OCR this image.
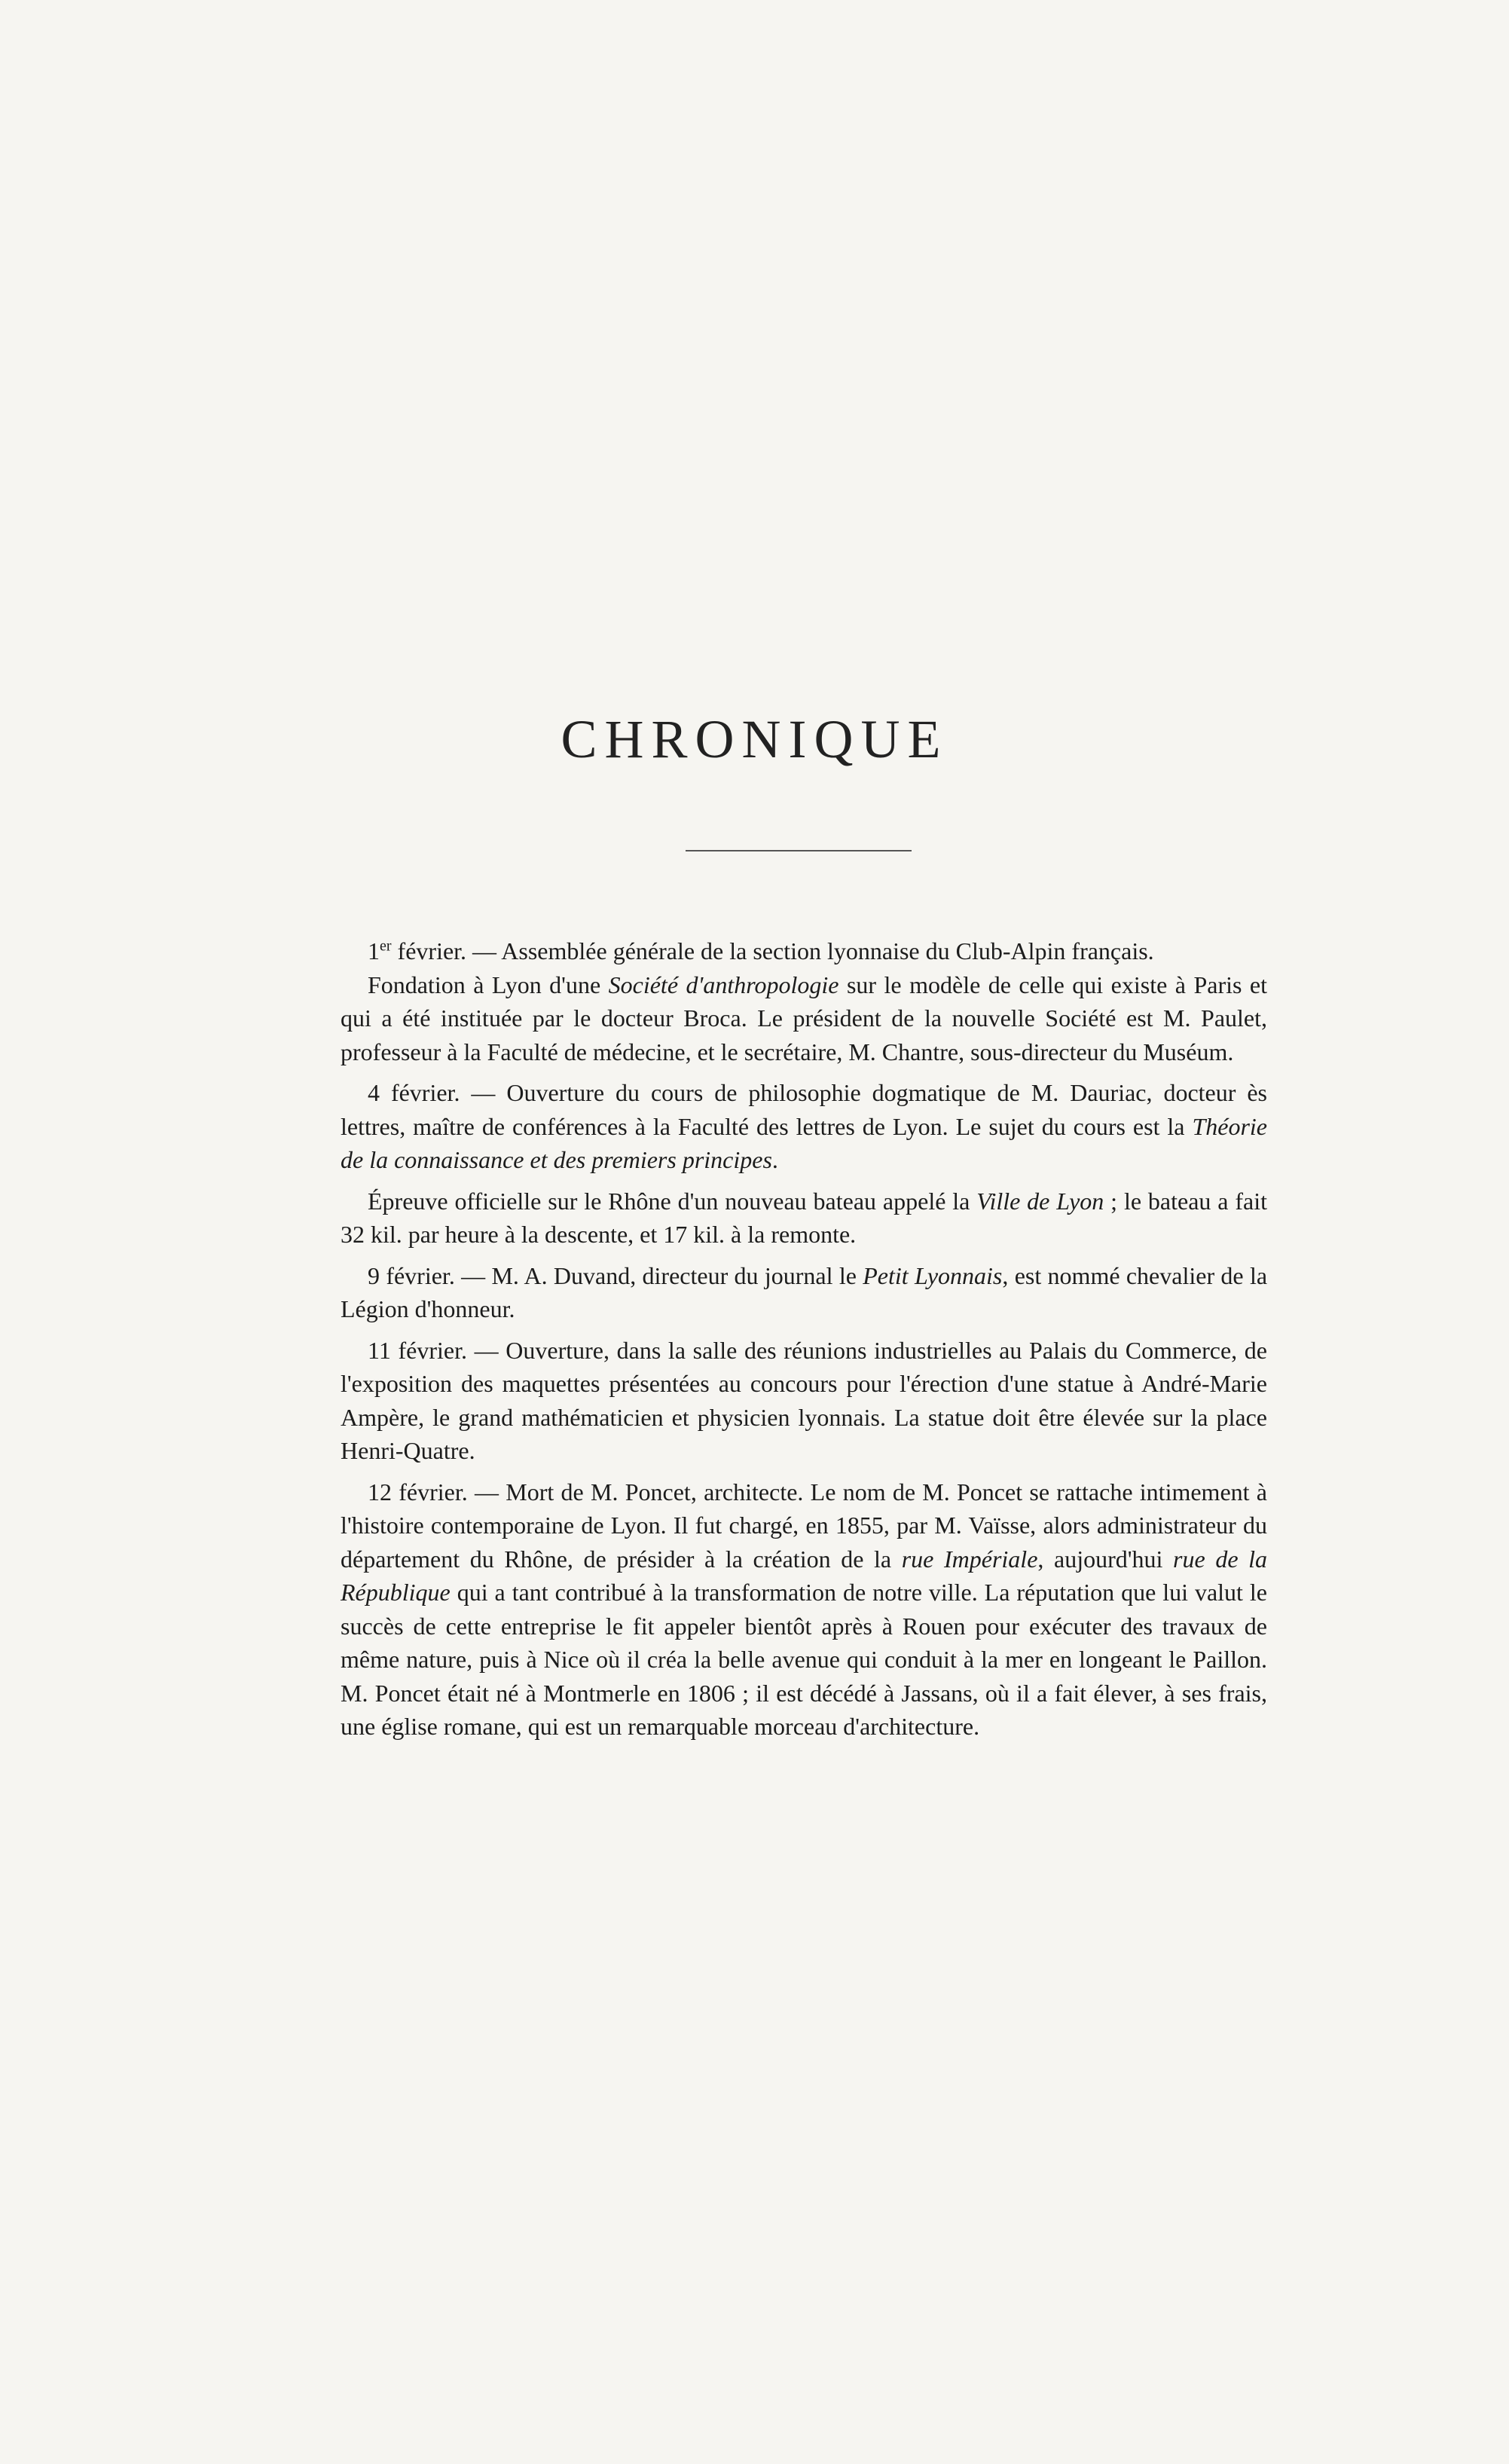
CHRONIQUE

1er février. — Assemblée générale de la section lyonnaise du Club-Alpin français.

Fondation à Lyon d'une Société d'anthropologie sur le modèle de celle qui existe à Paris et qui a été instituée par le docteur Broca. Le président de la nouvelle Société est M. Paulet, professeur à la Faculté de médecine, et le secrétaire, M. Chantre, sous-directeur du Muséum.

4 février. — Ouverture du cours de philosophie dogmatique de M. Dauriac, docteur ès lettres, maître de conférences à la Faculté des lettres de Lyon. Le sujet du cours est la Théorie de la connaissance et des premiers principes.

Épreuve officielle sur le Rhône d'un nouveau bateau appelé la Ville de Lyon ; le bateau a fait 32 kil. par heure à la descente, et 17 kil. à la remonte.

9 février. — M. A. Duvand, directeur du journal le Petit Lyonnais, est nommé chevalier de la Légion d'honneur.

11 février. — Ouverture, dans la salle des réunions industrielles au Palais du Commerce, de l'exposition des maquettes présentées au concours pour l'érection d'une statue à André-Marie Ampère, le grand mathématicien et physicien lyonnais. La statue doit être élevée sur la place Henri-Quatre.

12 février. — Mort de M. Poncet, architecte. Le nom de M. Poncet se rattache intimement à l'histoire contemporaine de Lyon. Il fut chargé, en 1855, par M. Vaïsse, alors administrateur du département du Rhône, de présider à la création de la rue Impériale, aujourd'hui rue de la République qui a tant contribué à la transformation de notre ville. La réputation que lui valut le succès de cette entreprise le fit appeler bientôt après à Rouen pour exécuter des travaux de même nature, puis à Nice où il créa la belle avenue qui conduit à la mer en longeant le Paillon. M. Poncet était né à Montmerle en 1806 ; il est décédé à Jassans, où il a fait élever, à ses frais, une église romane, qui est un remarquable morceau d'architecture.
